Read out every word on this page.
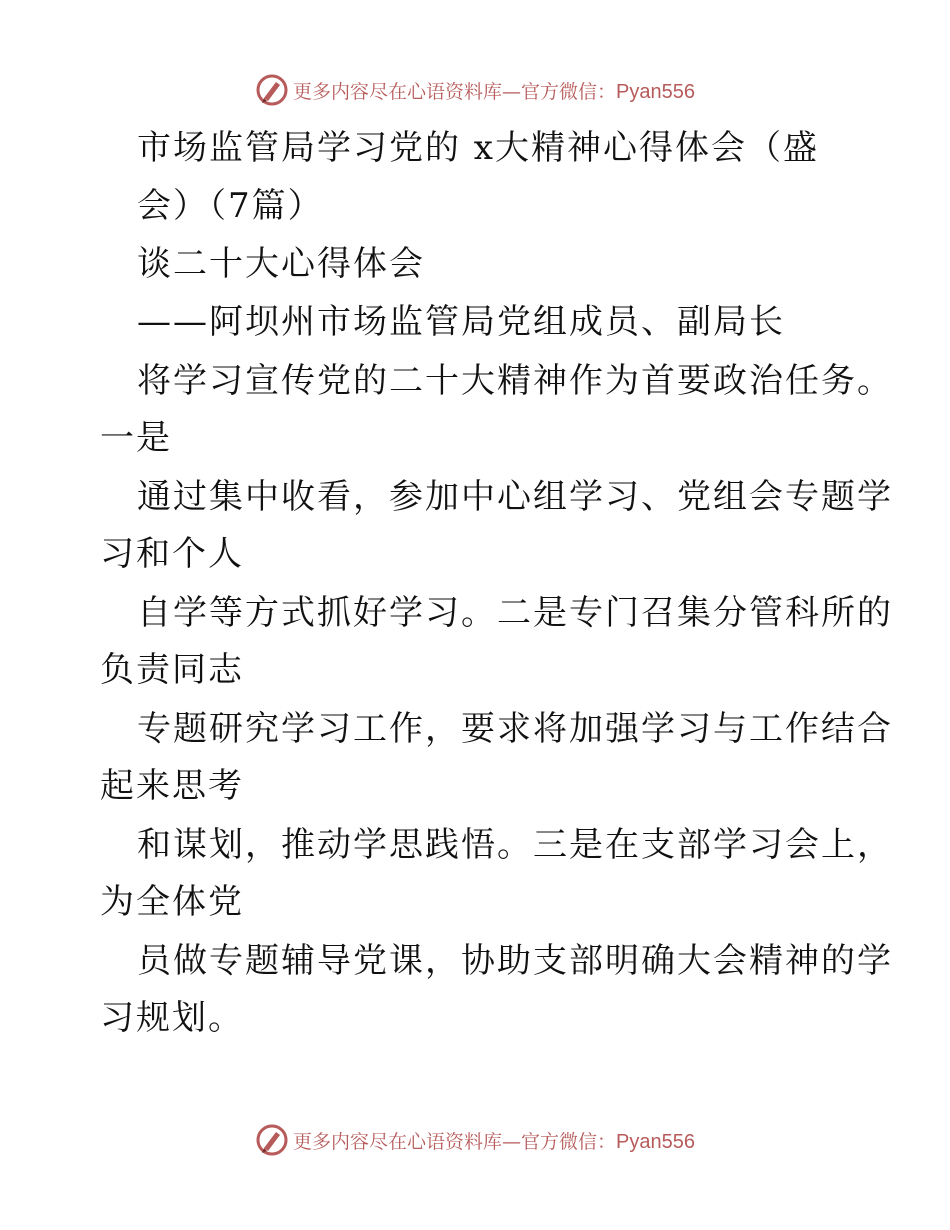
更多内容尽在心语资料库—官方微信：Pyan556
市场监管局学习党的 x大精神心得体会（盛
会）（7篇）
谈二十大心得体会
——阿坝州市场监管局党组成员、副局长
将学习宣传党的二十大精神作为首要政治任务。
一是
通过集中收看，参加中心组学习、党组会专题学
习和个人
自学等方式抓好学习。二是专门召集分管科所的
负责同志
专题研究学习工作，要求将加强学习与工作结合
起来思考
和谋划，推动学思践悟。三是在支部学习会上，
为全体党
员做专题辅导党课，协助支部明确大会精神的学
习规划。
更多内容尽在心语资料库—官方微信：Pyan556
